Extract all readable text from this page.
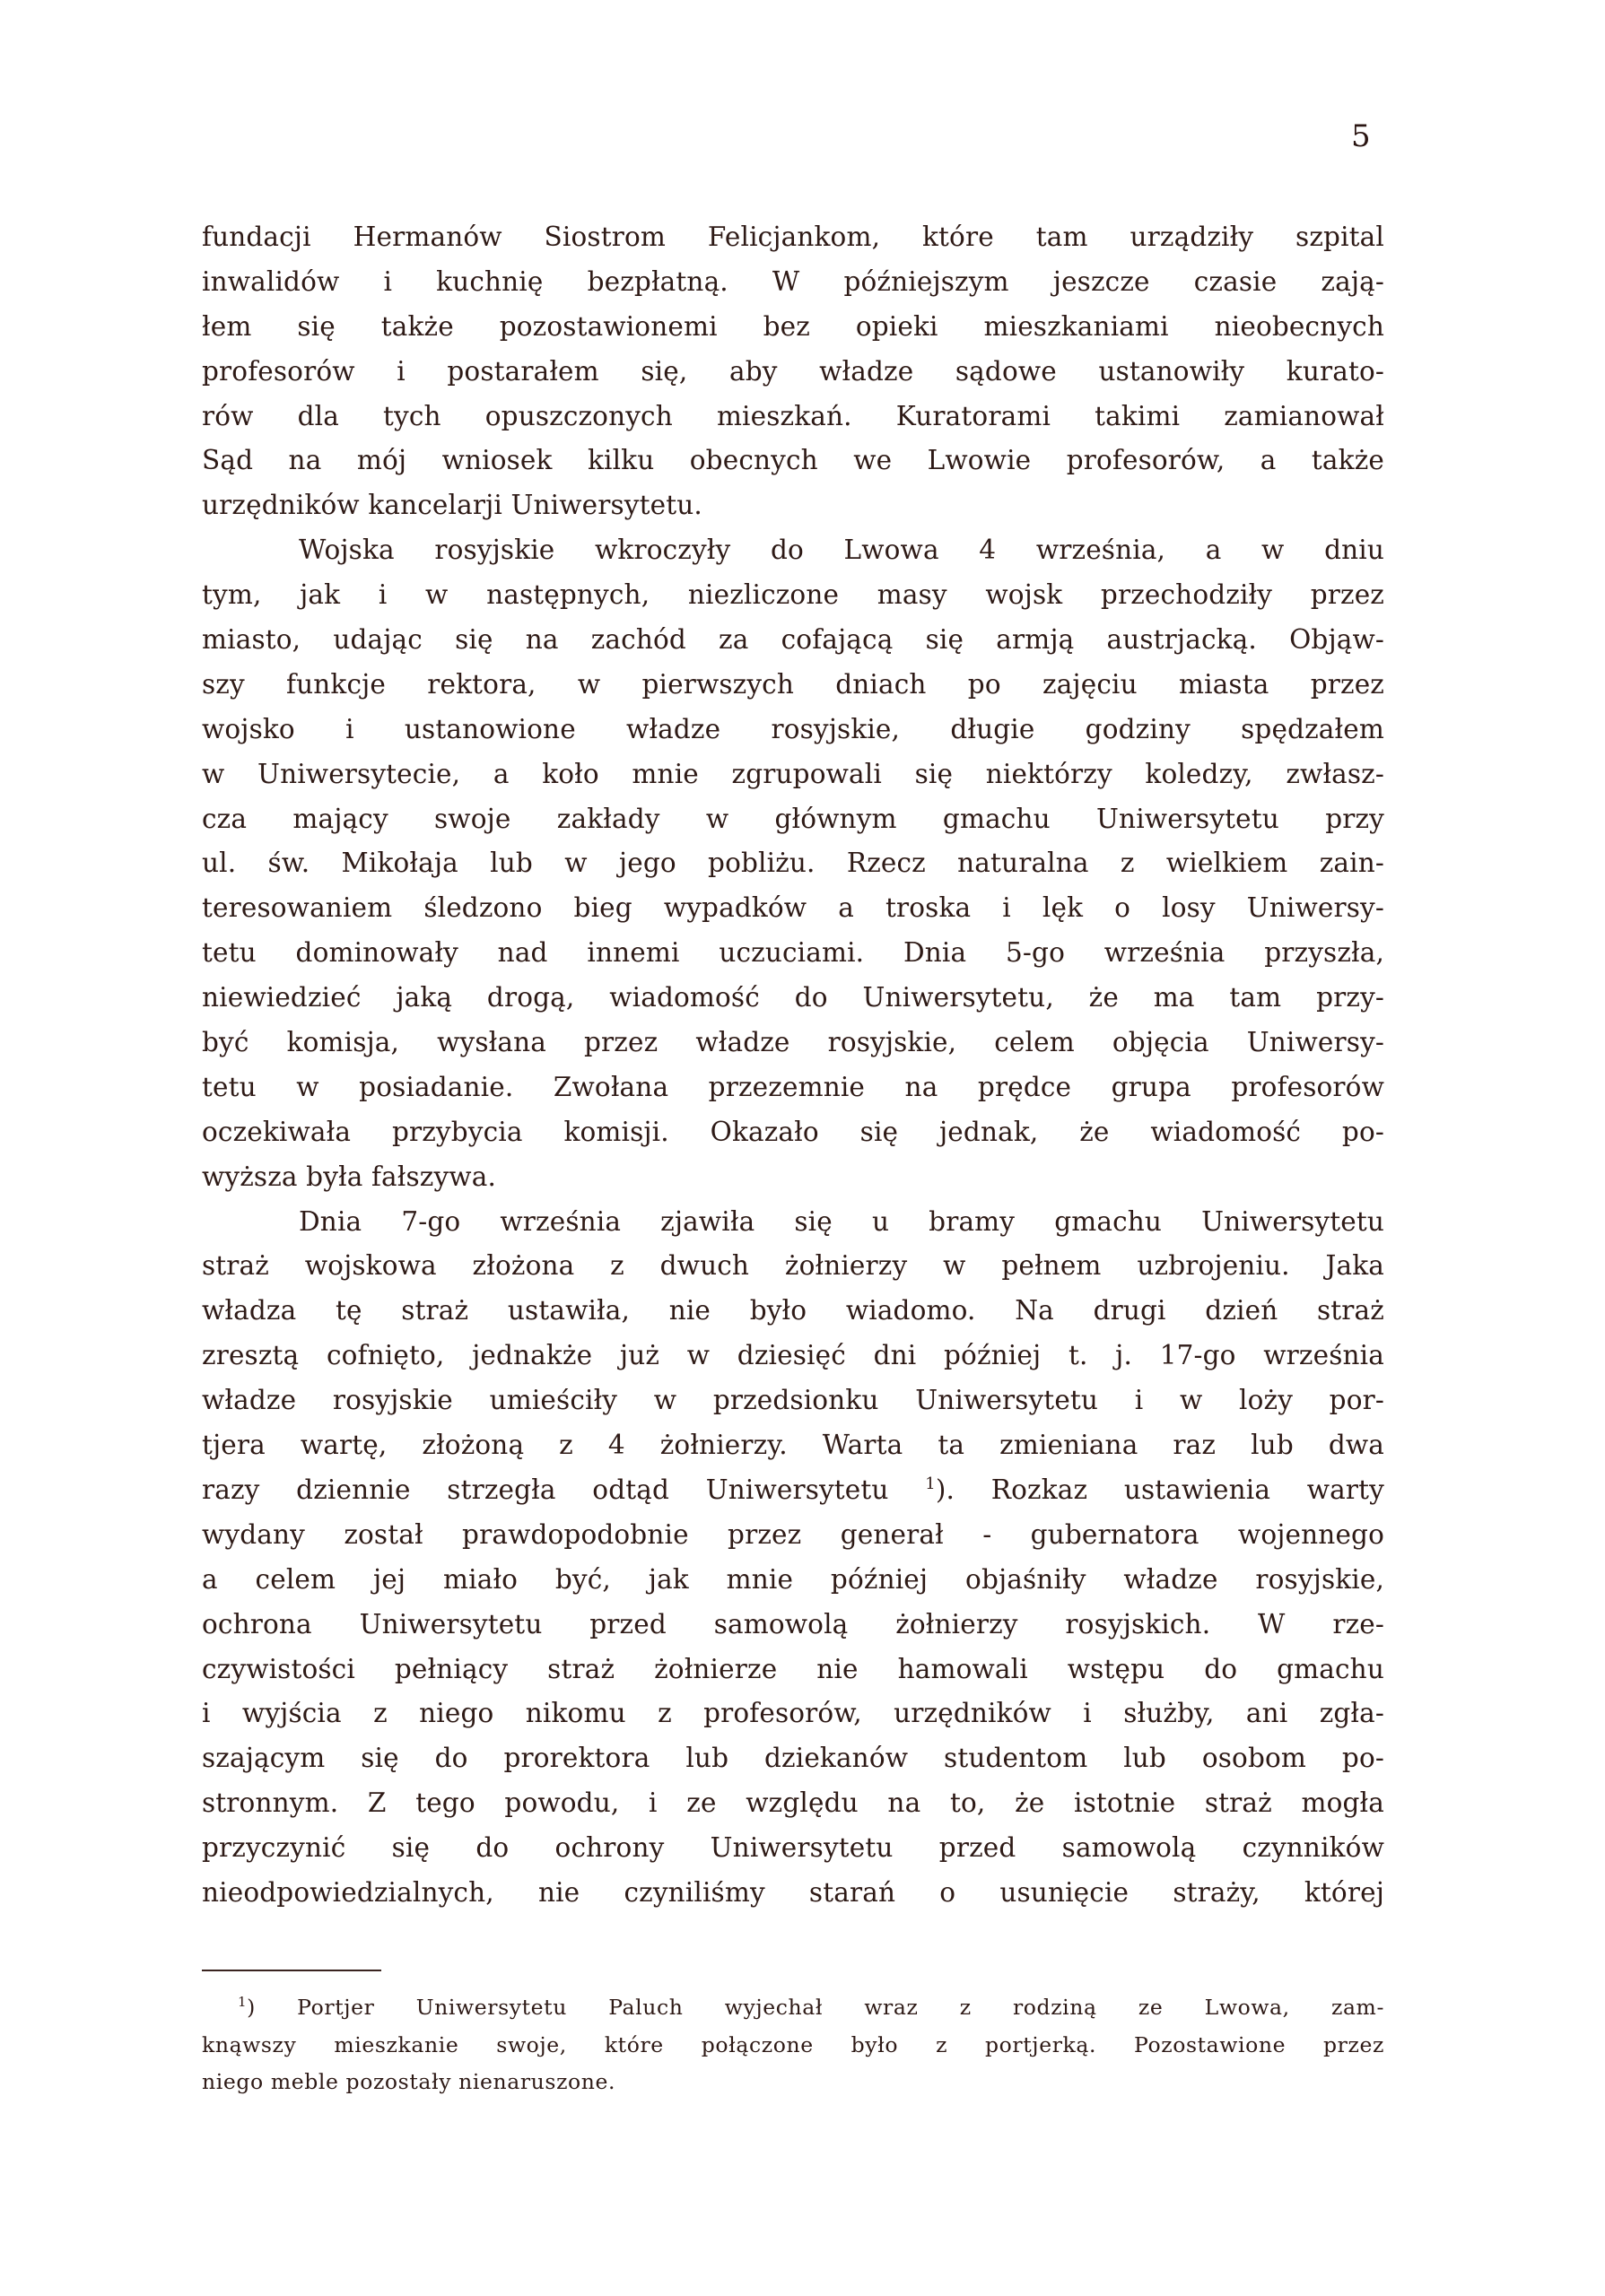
5
fundacji Hermanów Siostrom Felicjankom, które tam urządziły szpital
inwalidów i kuchnię bezpłatną. W późniejszym jeszcze czasie zają-
łem się także pozostawionemi bez opieki mieszkaniami nieobecnych
profesorów i postarałem się, aby władze sądowe ustanowiły kurato-
rów dla tych opuszczonych mieszkań. Kuratorami takimi zamianował
Sąd na mój wniosek kilku obecnych we Lwowie profesorów, a także
urzędników kancelarji Uniwersytetu.
Wojska rosyjskie wkroczyły do Lwowa 4 września, a w dniu
tym, jak i w następnych, niezliczone masy wojsk przechodziły przez
miasto, udając się na zachód za cofającą się armją austrjacką. Objąw-
szy funkcje rektora, w pierwszych dniach po zajęciu miasta przez
wojsko i ustanowione władze rosyjskie, długie godziny spędzałem
w Uniwersytecie, a koło mnie zgrupowali się niektórzy koledzy, zwłasz-
cza mający swoje zakłady w głównym gmachu Uniwersytetu przy
ul. św. Mikołaja lub w jego pobliżu. Rzecz naturalna z wielkiem zain-
teresowaniem śledzono bieg wypadków a troska i lęk o losy Uniwersy-
tetu dominowały nad innemi uczuciami. Dnia 5-go września przyszła,
niewiedzieć jaką drogą, wiadomość do Uniwersytetu, że ma tam przy-
być komisja, wysłana przez władze rosyjskie, celem objęcia Uniwersy-
tetu w posiadanie. Zwołana przezemnie na prędce grupa profesorów
oczekiwała przybycia komisji. Okazało się jednak, że wiadomość po-
wyższa była fałszywa.
Dnia 7-go września zjawiła się u bramy gmachu Uniwersytetu
straż wojskowa złożona z dwuch żołnierzy w pełnem uzbrojeniu. Jaka
władza tę straż ustawiła, nie było wiadomo. Na drugi dzień straż
zresztą cofnięto, jednakże już w dziesięć dni później t. j. 17-go września
władze rosyjskie umieściły w przedsionku Uniwersytetu i w loży por-
tjera wartę, złożoną z 4 żołnierzy. Warta ta zmieniana raz lub dwa
razy dziennie strzegła odtąd Uniwersytetu $^1$). Rozkaz ustawienia warty
wydany został prawdopodobnie przez generał - gubernatora wojennego
a celem jej miało być, jak mnie później objaśniły władze rosyjskie,
ochrona Uniwersytetu przed samowolą żołnierzy rosyjskich. W rze-
czywistości pełniący straż żołnierze nie hamowali wstępu do gmachu
i wyjścia z niego nikomu z profesorów, urzędników i służby, ani zgła-
szającym się do prorektora lub dziekanów studentom lub osobom po-
stronnym. Z tego powodu, i ze względu na to, że istotnie straż mogła
przyczynić się do ochrony Uniwersytetu przed samowolą czynników
nieodpowiedzialnych, nie czyniliśmy starań o usunięcie straży, której
$^1$) Portjer Uniwersytetu Paluch wyjechał wraz z rodziną ze Lwowa, zam-
knąwszy mieszkanie swoje, które połączone było z portjerką. Pozostawione przez
niego meble pozostały nienaruszone.
